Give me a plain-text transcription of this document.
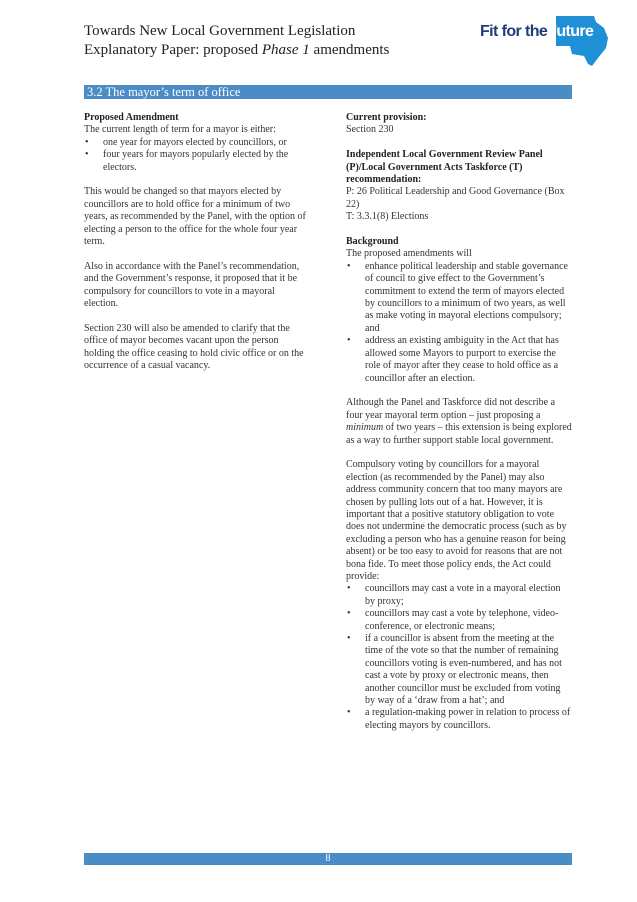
Towards New Local Government Legislation
Explanatory Paper: proposed Phase 1 amendments
Fit for theFuture
3.2 The mayor’s term of office

Proposed Amendment

The current length of term for a mayor is either:

• one year for mayors elected by councillors, or
• four years for mayors popularly elected by the electors.

This would be changed so that mayors elected by councillors are to hold office for a minimum of two years, as recommended by the Panel, with the option of electing a person to the office for the whole four year term.

Also in accordance with the Panel’s recommendation, and the Government’s response, it proposed that it be compulsory for councillors to vote in a mayoral election.

Section 230 will also be amended to clarify that the office of mayor becomes vacant upon the person holding the office ceasing to hold civic office or on the occurrence of a casual vacancy.

Current provision:

Section 230

Independent Local Government Review Panel (P)/Local Government Acts Taskforce (T) recommendation:

P: 26 Political Leadership and Good Governance (Box 22)

T: 3.3.1(8) Elections

Background

The proposed amendments will

• enhance political leadership and stable governance of council to give effect to the Government’s commitment to extend the term of mayors elected by councillors to a minimum of two years, as well as make voting in mayoral elections compulsory; and
• address an existing ambiguity in the Act that has allowed some Mayors to purport to exercise the role of mayor after they cease to hold office as a councillor after an election.

Although the Panel and Taskforce did not describe a four year mayoral term option – just proposing a minimum of two years – this extension is being explored as a way to further support stable local government.

Compulsory voting by councillors for a mayoral election (as recommended by the Panel) may also address community concern that too many mayors are chosen by pulling lots out of a hat. However, it is important that a positive statutory obligation to vote does not undermine the democratic process (such as by excluding a person who has a genuine reason for being absent) or be too easy to avoid for reasons that are not bona fide. To meet those policy ends, the Act could provide:

• councillors may cast a vote in a mayoral election by proxy;
• councillors may cast a vote by telephone, video-conference, or electronic means;
• if a councillor is absent from the meeting at the time of the vote so that the number of remaining councillors voting is even-numbered, and has not cast a vote by proxy or electronic means, then another councillor must be excluded from voting by way of a ‘draw from a hat’; and
• a regulation-making power in relation to process of electing mayors by councillors.
8
